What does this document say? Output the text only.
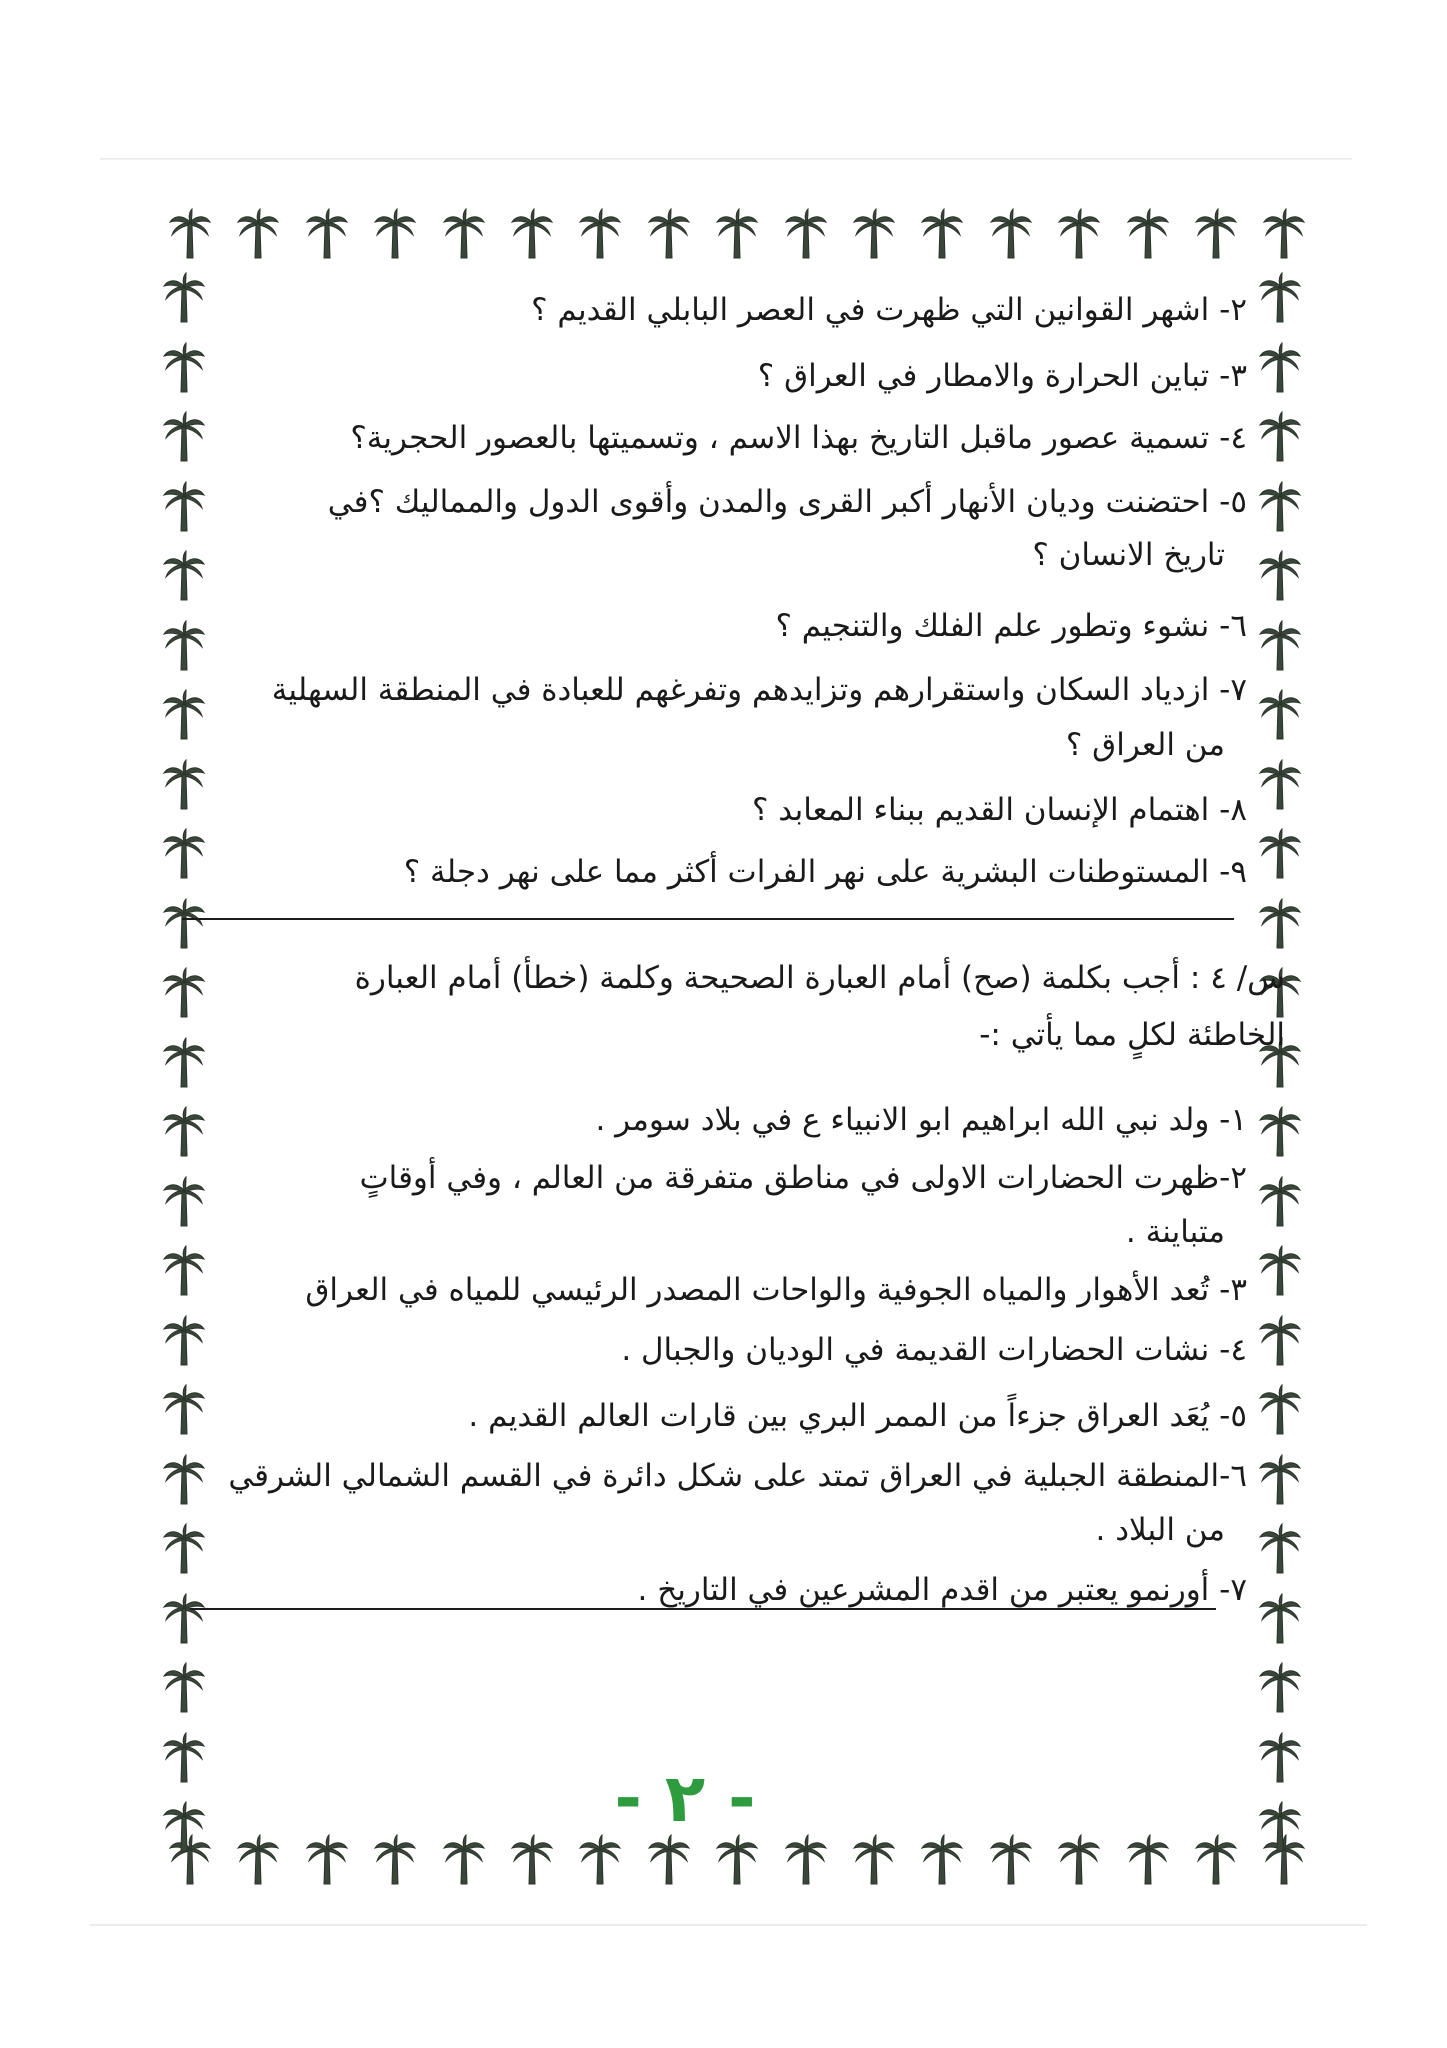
٢- اشهر القوانين التي ظهرت في العصر البابلي القديم ؟
٣- تباين الحرارة والامطار في العراق ؟
٤- تسمية عصور ماقبل التاريخ بهذا الاسم ، وتسميتها بالعصور الحجرية؟
٥- احتضنت وديان الأنهار أكبر القرى والمدن وأقوى الدول والممالیك ؟في
تاريخ الانسان ؟
٦- نشوء وتطور علم الفلك والتنجيم ؟
٧- ازدياد السكان واستقرارهم وتزايدهم وتفرغهم للعبادة في المنطقة السهلية
من العراق ؟
٨- اهتمام الإنسان القديم ببناء المعابد ؟
٩- المستوطنات البشرية على نهر الفرات أكثر مما على نهر دجلة ؟
س/ ٤ : أجب بكلمة (صح) أمام العبارة الصحيحة وكلمة (خطأ) أمام العبارة
الخاطئة لكلٍ مما يأتي :-
١- ولد نبي الله ابراهيم ابو الانبياء ع في بلاد سومر .
٢-ظهرت الحضارات الاولى في مناطق متفرقة من العالم ، وفي أوقاتٍ
متباينة .
٣- تُعد الأهوار والمياه الجوفية والواحات المصدر الرئيسي للمياه في العراق
٤- نشات الحضارات القديمة في الوديان والجبال .
٥- يُعَد العراق جزءاً من الممر البري بين قارات العالم القديم .
٦-المنطقة الجبلية في العراق تمتد على شكل دائرة في القسم الشمالي الشرقي
من البلاد .
٧- أورنمو يعتبر من اقدم المشرعين في التاريخ .
- ٢ -
